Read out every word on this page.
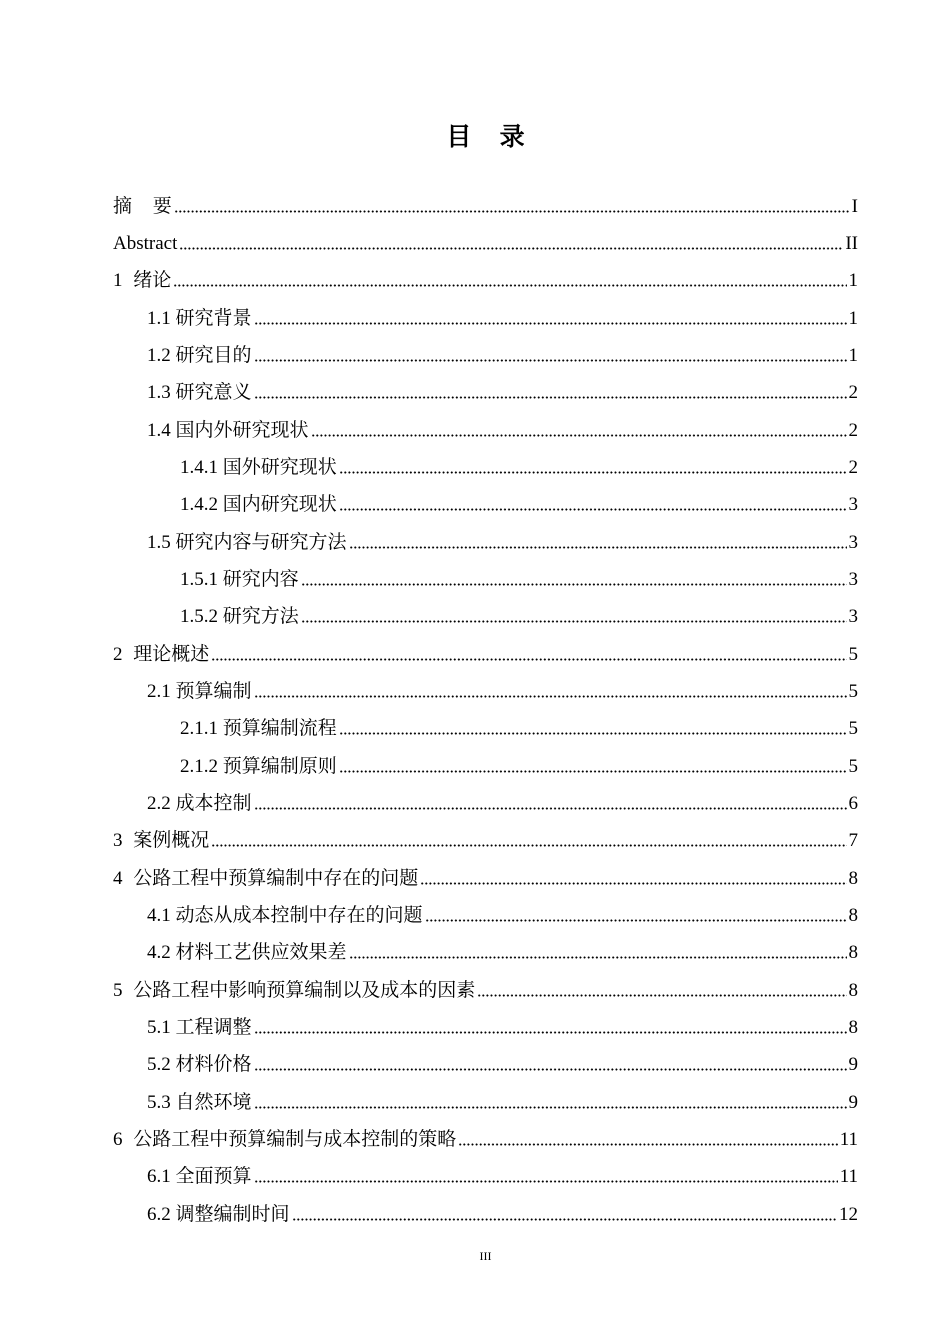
目 录
摘 要	I
Abstract	II
1 绪论	1
1.1 研究背景	1
1.2 研究目的	1
1.3 研究意义	2
1.4 国内外研究现状	2
1.4.1 国外研究现状	2
1.4.2 国内研究现状	3
1.5 研究内容与研究方法	3
1.5.1 研究内容	3
1.5.2 研究方法	3
2 理论概述	5
2.1 预算编制	5
2.1.1 预算编制流程	5
2.1.2 预算编制原则	5
2.2 成本控制	6
3 案例概况	7
4 公路工程中预算编制中存在的问题	8
4.1 动态从成本控制中存在的问题	8
4.2 材料工艺供应效果差	8
5 公路工程中影响预算编制以及成本的因素	8
5.1 工程调整	8
5.2 材料价格	9
5.3 自然环境	9
6 公路工程中预算编制与成本控制的策略	11
6.1 全面预算	11
6.2 调整编制时间	12
III
